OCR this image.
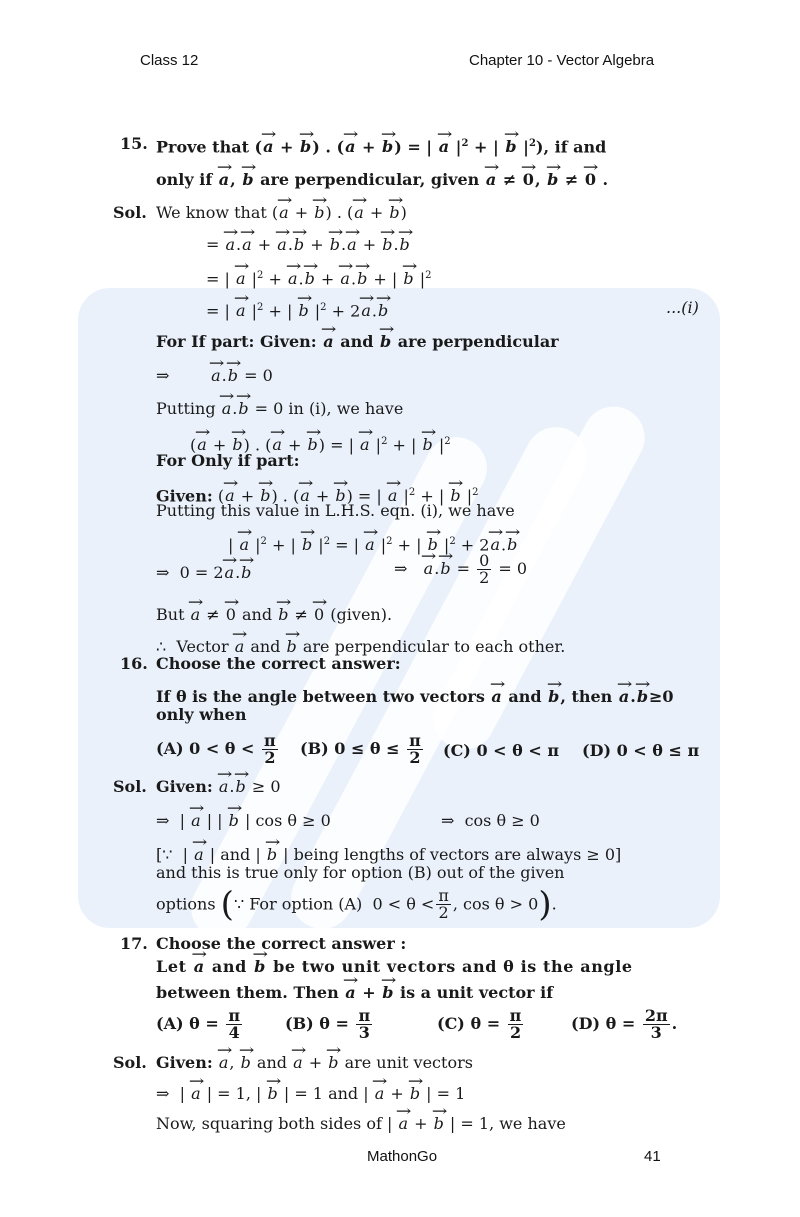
Class 12	Chapter 10 - Vector Algebra
15. Prove that (→ a + → b) . (→ a + → b) = | → a $|^2$ + | → b $|^2$), if and
only if → a, → b are perpendicular, given → a ≠ → 0, → b ≠ → 0 .
Sol. We know that (→ a + → b) . (→ a + → b)
= → a.→ a + → a.→ b + → b.→ a + → b.→ b
= | → a $|^2$ + → a.→ b + → a.→ b + | → b $|^2$
= | → a $|^2$ + | → b $|^2 + 2\to a.\to b$	...(i)
For If part: Given: → a and → b are perpendicular
⇒	→ a.→ b = 0
Putting → a.→ b = 0 in (i), we have
(→ a + → b) . (→ a + → b) = | → a $|^2$ + | → b $|^2$
For Only if part:
Given: (→ a + → b) . (→ a + → b) = | → a $|^2$ + | → b $|^2$
Putting this value in L.H.S. eqn. (i), we have
| → a $|^2$ + | → b $|^2$ = | → a $|^2$ + | → b $|^2 + 2\to a.\to b$
⇒  0 = 2→ a.→ b	⇒ → $a.\to b = \frac{0}{2} = 0$
But → a ≠ → 0 and → b ≠ → 0 (given).
∴ Vector → a and → b are perpendicular to each other.
16. Choose the correct answer:
If θ is the angle between two vectors → a and → b, then → a.→ b≥0
only when
(A) $0 < \theta < \frac{\pi}{2} (B) 0 \le \theta \le \frac{\pi}{2} (C) 0 < \theta < \pi$ (D) 0 < θ ≤ π
Sol. Given: → a.→ b ≥ 0
⇒  | → a | | → b | cos θ ≥ 0	⇒ cos θ ≥ 0
[∵  | → a | and | → b | being lengths of vectors are always ≥ 0]
and this is true only for option (B) out of the given
options (∵ For option (A) $0 < \theta < \frac{\pi}{2}$ , cos θ > 0).
17. Choose the correct answer :
Let → a and → b be two unit vectors and θ is the angle
between them. Then → a + → b is a unit vector if
(A) $\theta = \frac{\pi}{4}$	(B) $\theta = \frac{\pi}{3}$	(C) $\theta = \frac{\pi}{2}$	(D) $\theta = \frac{2\pi}{3}$ .
Sol. Given: → a, → b and → a + → b are unit vectors
⇒  | → a | = 1, | → b | = 1 and | → a + → b | = 1
Now, squaring both sides of | → a + → b | = 1, we have
MathonGo	41
